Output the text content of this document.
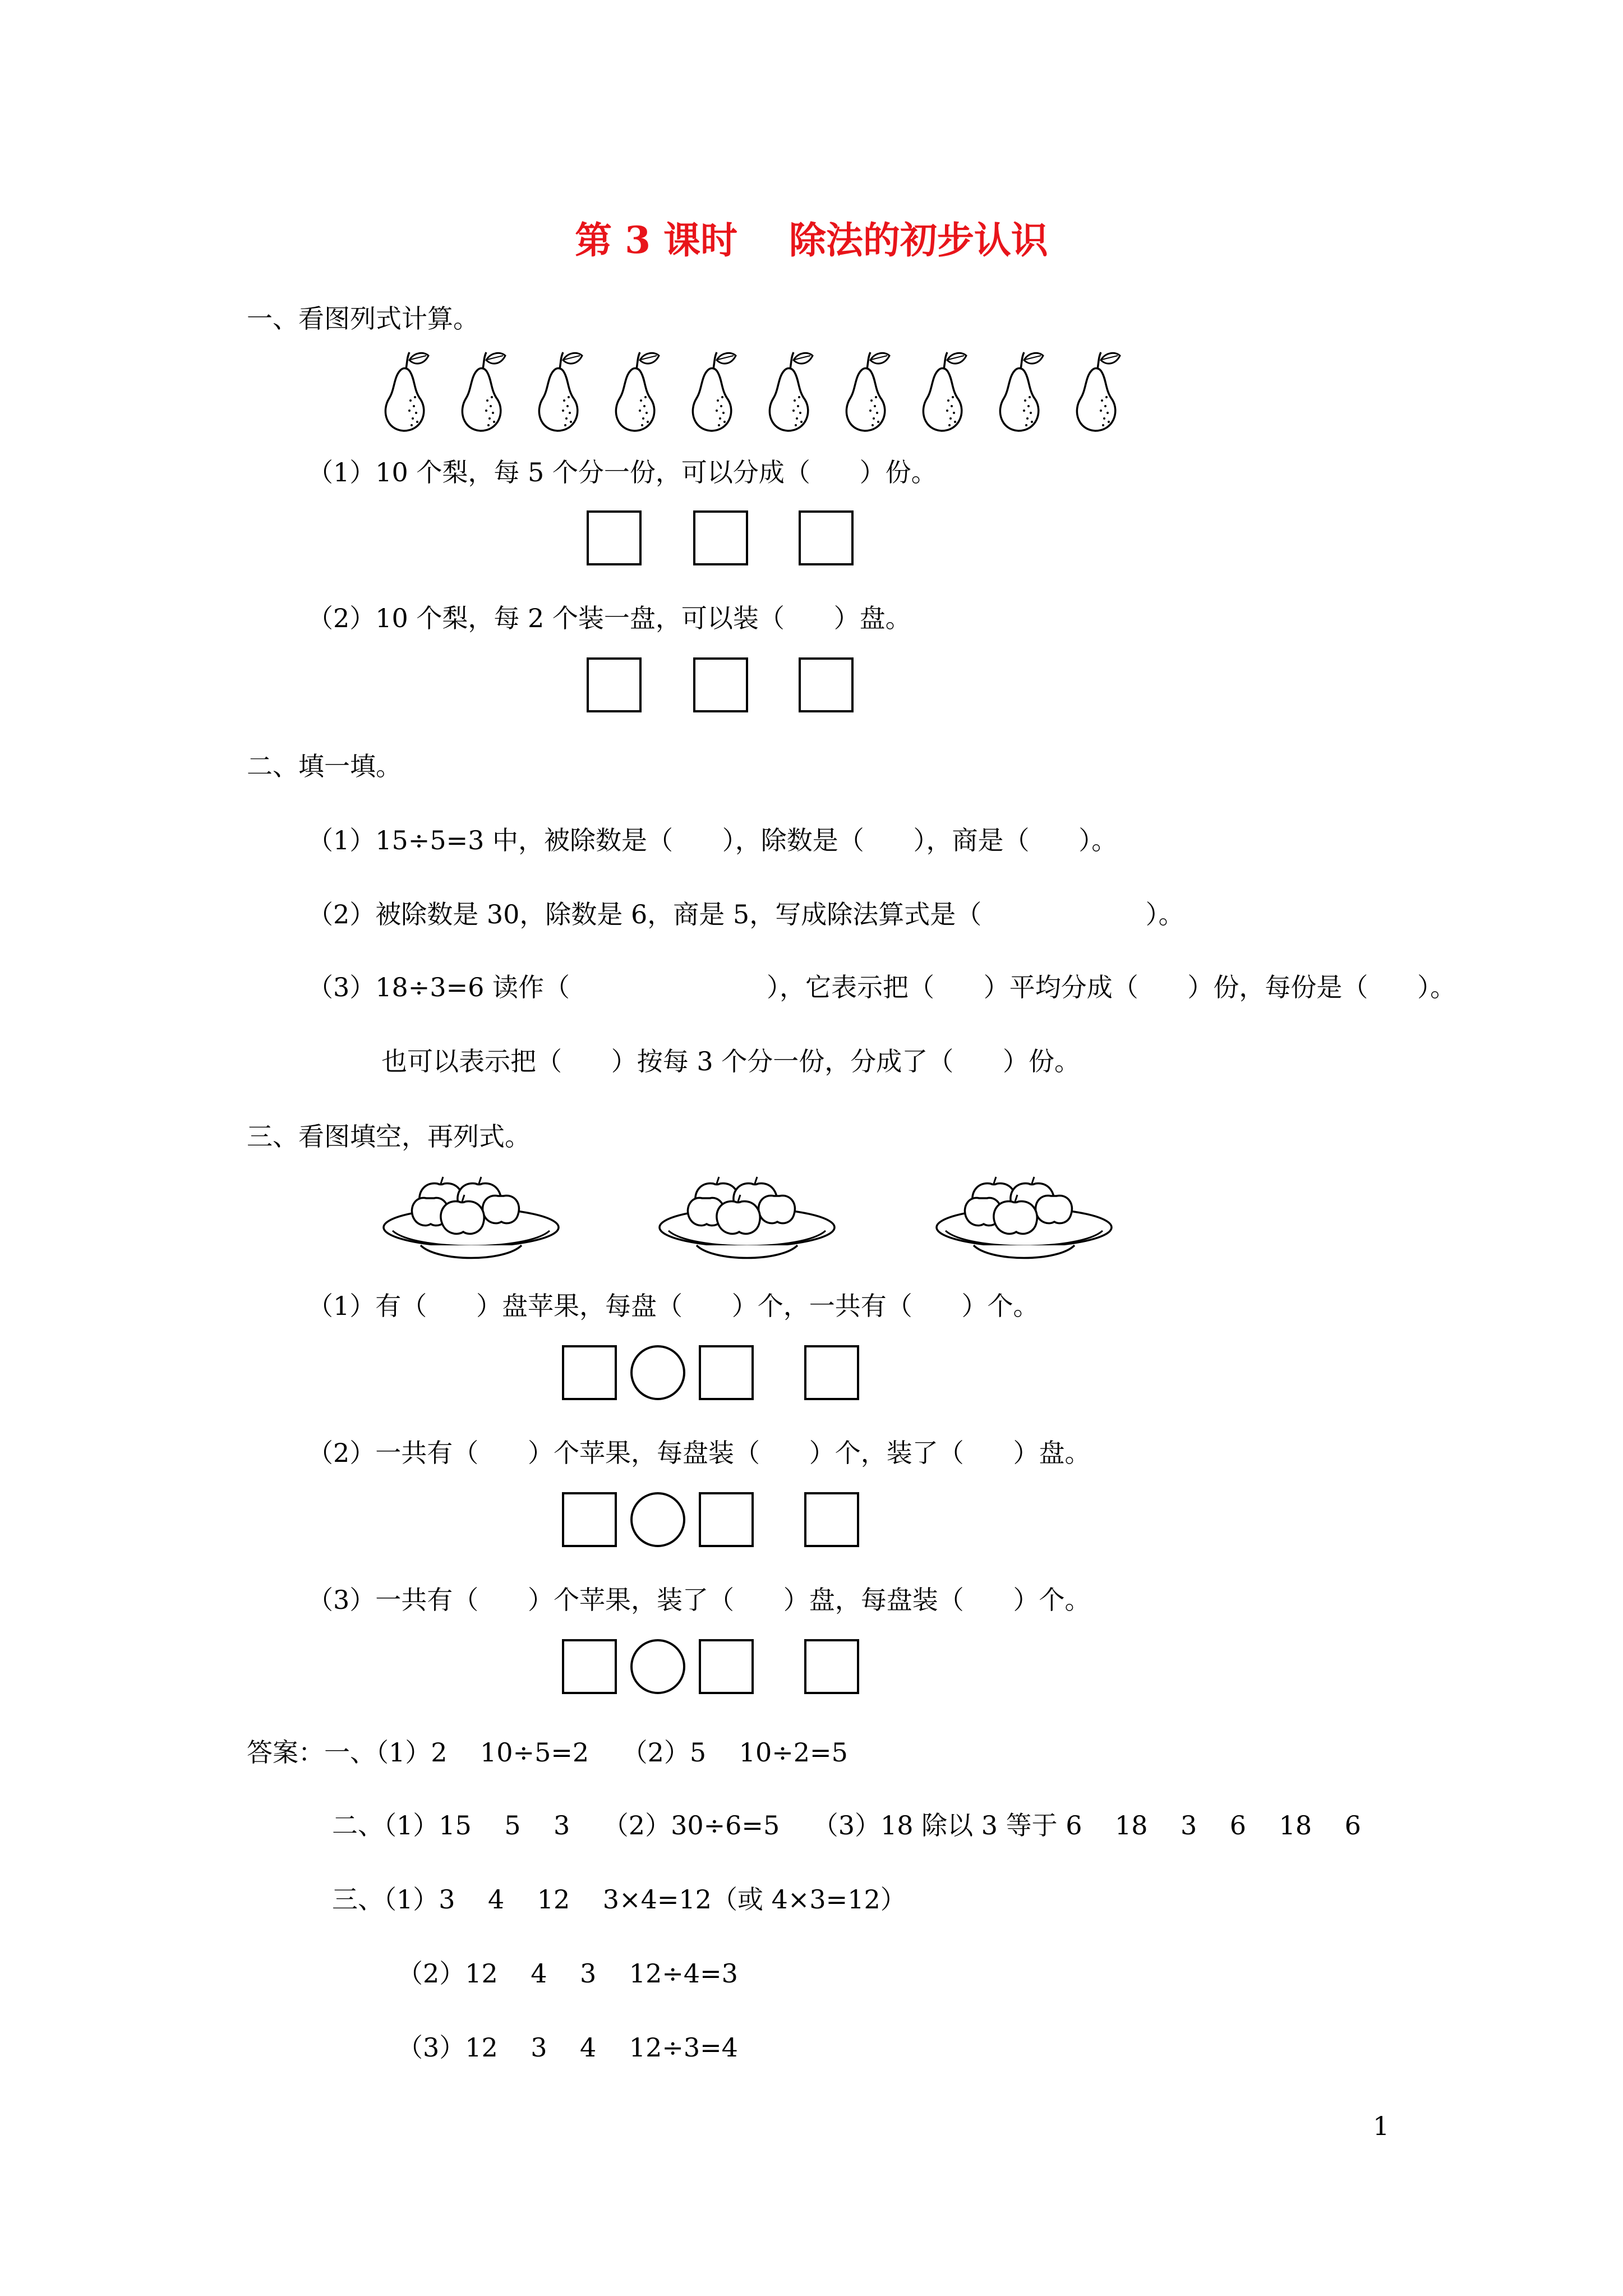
第 3 课时    除法的初步认识
一、看图列式计算。
（1）10 个梨，每 5 个分一份，可以分成（      ）份。
（2）10 个梨，每 2 个装一盘，可以装（      ）盘。
二、填一填。
（1）15÷5=3 中，被除数是（      ），除数是（      ），商是（      ）。
（2）被除数是 30，除数是 6，商是 5，写成除法算式是（                    ）。
（3）18÷3=6 读作（                        ），它表示把（      ）平均分成（      ）份，每份是（      ）。
也可以表示把（      ）按每 3 个分一份，分成了（      ）份。
三、看图填空，再列式。
（1）有（      ）盘苹果，每盘（      ）个，一共有（      ）个。
（2）一共有（      ）个苹果，每盘装（      ）个，装了（      ）盘。
（3）一共有（      ）个苹果，装了（      ）盘，每盘装（      ）个。
答案：一、（1）2    10÷5=2    （2）5    10÷2=5
二、（1）15    5    3    （2）30÷6=5    （3）18 除以 3 等于 6    18    3    6    18    6
三、（1）3    4    12    3×4=12（或 4×3=12）
（2）12    4    3    12÷4=3
（3）12    3    4    12÷3=4
1
